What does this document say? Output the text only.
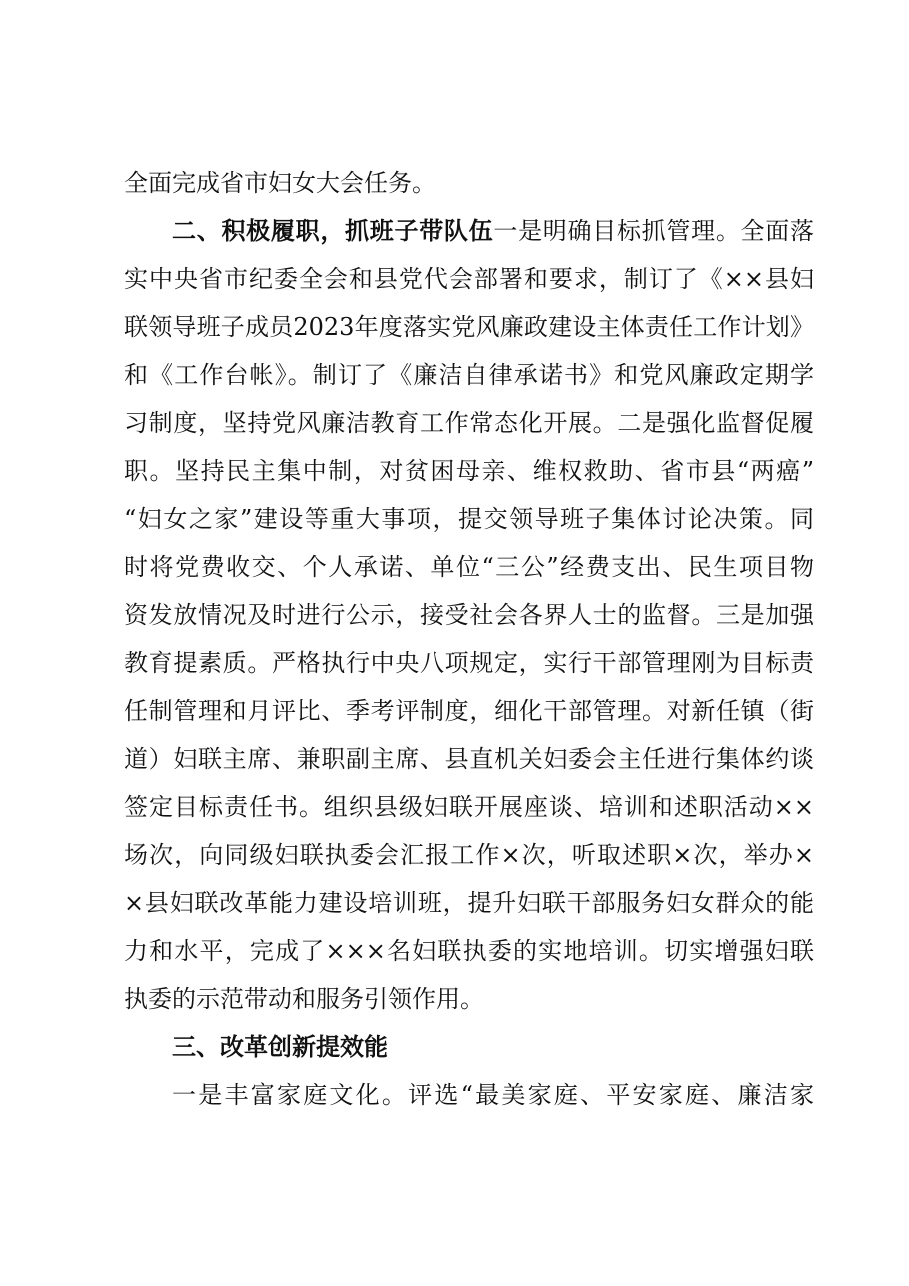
全面完成省市妇女大会任务。
二、积极履职，抓班子带队伍一是明确目标抓管理。全面落
实中央省市纪委全会和县党代会部署和要求，制订了《××县妇
联领导班子成员2023年度落实党风廉政建设主体责任工作计划》
和《工作台帐》。制订了《廉洁自律承诺书》和党风廉政定期学
习制度，坚持党风廉洁教育工作常态化开展。二是强化监督促履
职。坚持民主集中制，对贫困母亲、维权救助、省市县“两癌”
“妇女之家”建设等重大事项，提交领导班子集体讨论决策。同
时将党费收交、个人承诺、单位“三公”经费支出、民生项目物
资发放情况及时进行公示，接受社会各界人士的监督。三是加强
教育提素质。严格执行中央八项规定，实行干部管理刚为目标责
任制管理和月评比、季考评制度，细化干部管理。对新任镇（街
道）妇联主席、兼职副主席、县直机关妇委会主任进行集体约谈
签定目标责任书。组织县级妇联开展座谈、培训和述职活动××
场次，向同级妇联执委会汇报工作×次，听取述职×次，举办×
×县妇联改革能力建设培训班，提升妇联干部服务妇女群众的能
力和水平，完成了×××名妇联执委的实地培训。切实增强妇联
执委的示范带动和服务引领作用。
三、改革创新提效能
一是丰富家庭文化。评选“最美家庭、平安家庭、廉洁家
